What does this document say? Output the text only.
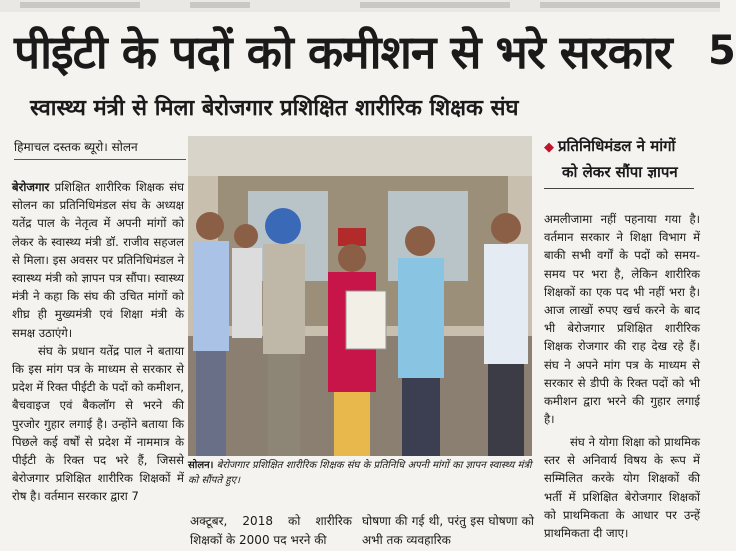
पीईटी के पदों को कमीशन से भरे सरकार 5
स्वास्थ्य मंत्री से मिला बेरोजगार प्रशिक्षित शारीरिक शिक्षक संघ
हिमाचल दस्तक ब्यूरो। सोलन
बेरोजगार प्रशिक्षित शारीरिक शिक्षक संघ सोलन का प्रतिनिधिमंडल संघ के अध्यक्ष यतेंद्र पाल के नेतृत्व में अपनी मांगों को लेकर के स्वास्थ्य मंत्री डॉ. राजीव सहजल से मिला। इस अवसर पर प्रतिनिधिमंडल ने स्वास्थ्य मंत्री को ज्ञापन पत्र सौंपा। स्वास्थ्य मंत्री ने कहा कि संघ की उचित मांगों को शीघ्र ही मुख्यमंत्री एवं शिक्षा मंत्री के समक्ष उठाएंगे।
संघ के प्रधान यतेंद्र पाल ने बताया कि इस मांग पत्र के माध्यम से सरकार से प्रदेश में रिक्त पीईटी के पदों को कमीशन, बैचवाइज एवं बैकलॉग से भरने की पुरजोर गुहार लगाई है। उन्होंने बताया कि पिछले कई वर्षों से प्रदेश में नाममात्र के पीईटी के रिक्त पद भरे हैं, जिससे बेरोजगार प्रशिक्षित शारीरिक शिक्षकों में रोष है। वर्तमान सरकार द्वारा 7
सोलन। बेरोजगार प्रशिक्षित शारीरिक शिक्षक संघ के प्रतिनिधि अपनी मांगों का ज्ञापन स्वास्थ्य मंत्री को सौंपते हुए।
अक्टूबर, 2018 को शारीरिक शिक्षकों के 2000 पद भरने की
घोषणा की गई थी, परंतु इस घोषणा को अभी तक व्यवहारिक
◆ प्रतिनिधिमंडल ने मांगों
को लेकर सौंपा ज्ञापन
अमलीजामा नहीं पहनाया गया है। वर्तमान सरकार ने शिक्षा विभाग में बाकी सभी वर्गों के पदों को समय-समय पर भरा है, लेकिन शारीरिक शिक्षकों का एक पद भी नहीं भरा है। आज लाखों रुपए खर्च करने के बाद भी बेरोजगार प्रशिक्षित शारीरिक शिक्षक रोजगार की राह देख रहे हैं। संघ ने अपने मांग पत्र के माध्यम से सरकार से डीपी के रिक्त पदों को भी कमीशन द्वारा भरने की गुहार लगाई है।
संघ ने योगा शिक्षा को प्राथमिक स्तर से अनिवार्य विषय के रूप में सम्मिलित करके योग शिक्षकों की भर्ती में प्रशिक्षित बेरोजगार शिक्षकों को प्राथमिकता के आधार पर उन्हें प्राथमिकता दी जाए।
